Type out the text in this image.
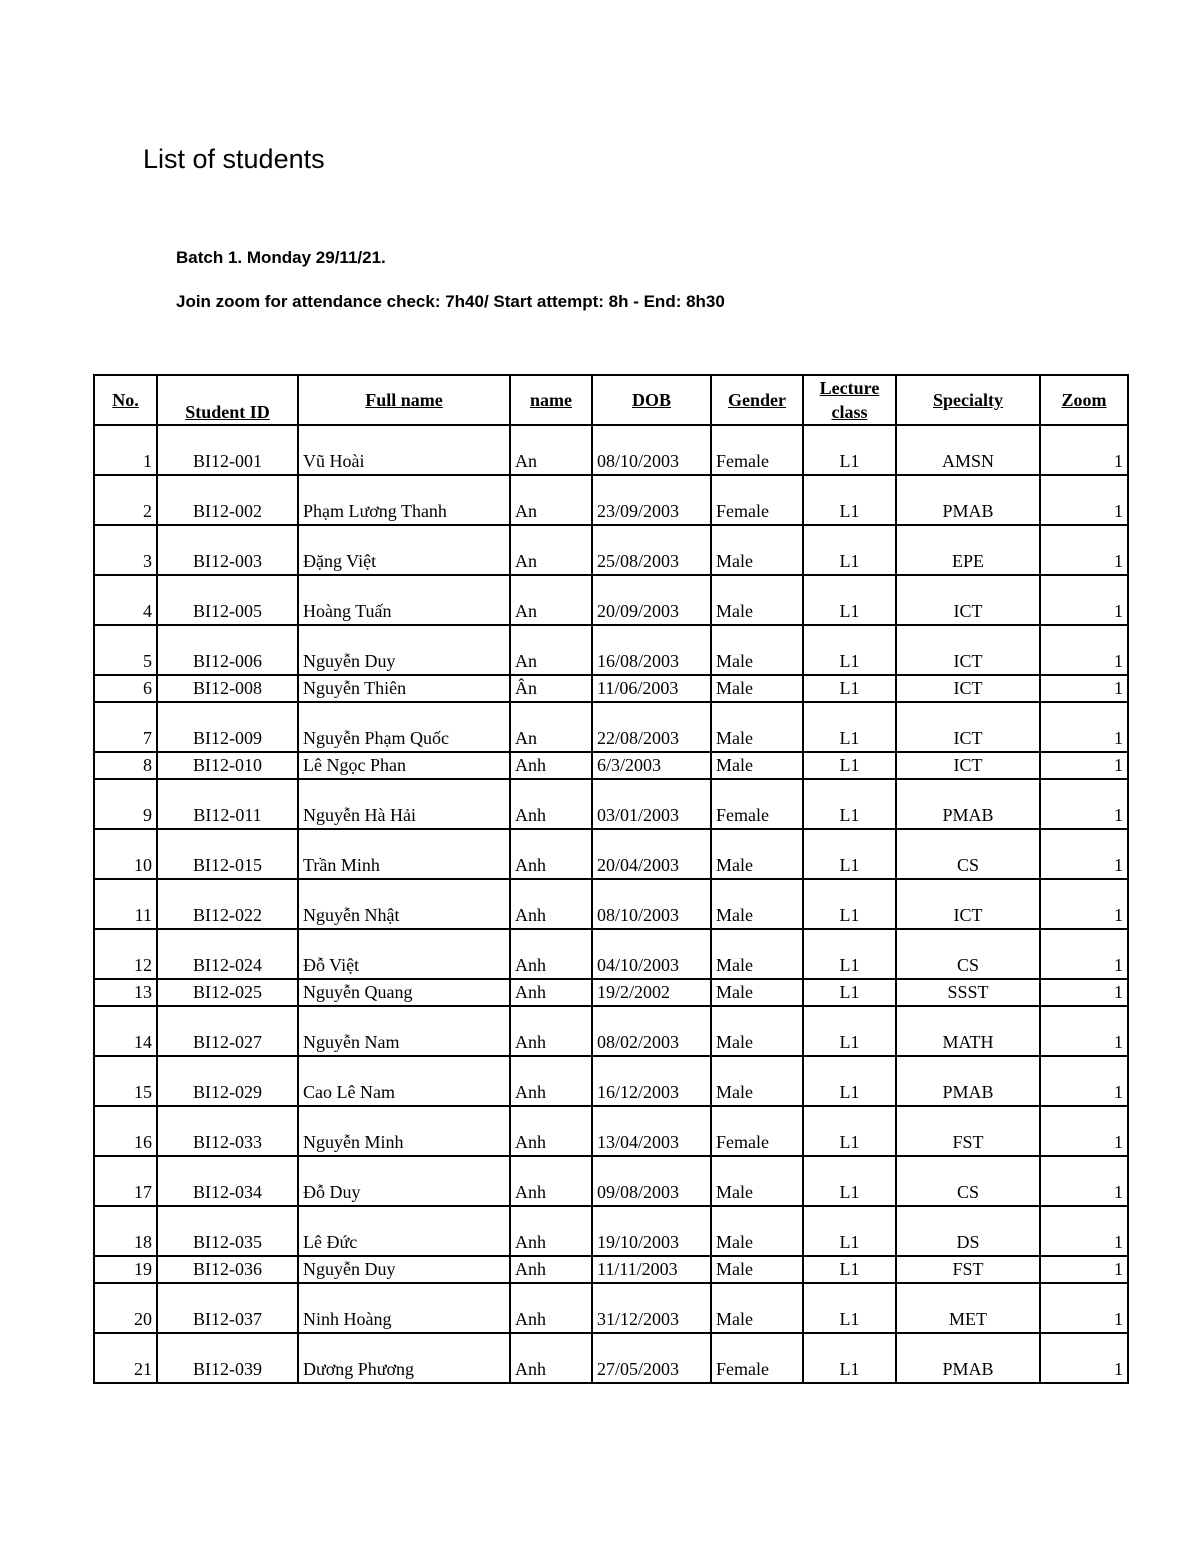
List of students
Batch 1. Monday 29/11/21.
Join zoom for attendance check: 7h40/ Start attempt: 8h - End: 8h30
No.	Student ID	Full name	name	DOB	Gender	Lecture class	Specialty	Zoom
1	BI12-001	Vũ Hoài	An	08/10/2003	Female	L1	AMSN	1
2	BI12-002	Phạm Lương Thanh	An	23/09/2003	Female	L1	PMAB	1
3	BI12-003	Đặng Việt	An	25/08/2003	Male	L1	EPE	1
4	BI12-005	Hoàng Tuấn	An	20/09/2003	Male	L1	ICT	1
5	BI12-006	Nguyễn Duy	An	16/08/2003	Male	L1	ICT	1
6	BI12-008	Nguyễn Thiên	Ân	11/06/2003	Male	L1	ICT	1
7	BI12-009	Nguyễn Phạm Quốc	An	22/08/2003	Male	L1	ICT	1
8	BI12-010	Lê Ngọc Phan	Anh	6/3/2003	Male	L1	ICT	1
9	BI12-011	Nguyễn Hà Hải	Anh	03/01/2003	Female	L1	PMAB	1
10	BI12-015	Trần Minh	Anh	20/04/2003	Male	L1	CS	1
11	BI12-022	Nguyễn Nhật	Anh	08/10/2003	Male	L1	ICT	1
12	BI12-024	Đỗ Việt	Anh	04/10/2003	Male	L1	CS	1
13	BI12-025	Nguyễn Quang	Anh	19/2/2002	Male	L1	SSST	1
14	BI12-027	Nguyễn Nam	Anh	08/02/2003	Male	L1	MATH	1
15	BI12-029	Cao Lê Nam	Anh	16/12/2003	Male	L1	PMAB	1
16	BI12-033	Nguyễn Minh	Anh	13/04/2003	Female	L1	FST	1
17	BI12-034	Đỗ Duy	Anh	09/08/2003	Male	L1	CS	1
18	BI12-035	Lê Đức	Anh	19/10/2003	Male	L1	DS	1
19	BI12-036	Nguyễn Duy	Anh	11/11/2003	Male	L1	FST	1
20	BI12-037	Ninh Hoàng	Anh	31/12/2003	Male	L1	MET	1
21	BI12-039	Dương Phương	Anh	27/05/2003	Female	L1	PMAB	1
